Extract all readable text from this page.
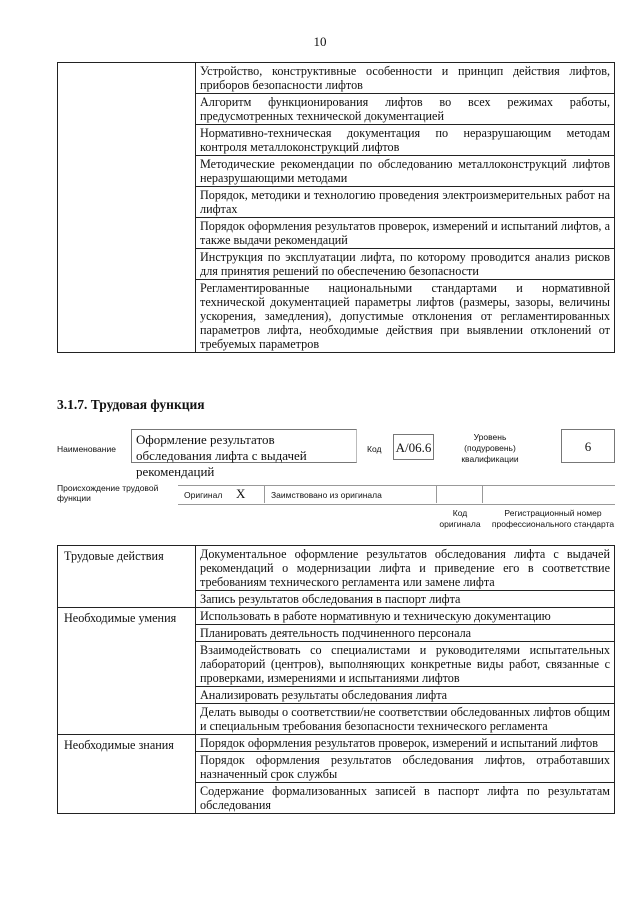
10
	Устройство, конструктивные особенности и принцип действия лифтов, приборов безопасности лифтов
Алгоритм функционирования лифтов во всех режимах работы, предусмотренных технической документацией
Нормативно-техническая документация по неразрушающим методам контроля металлоконструкций лифтов
Методические рекомендации по обследованию металлоконструкций лифтов неразрушающими методами
Порядок, методики и технологию проведения электроизмерительных работ на лифтах
Порядок оформления результатов проверок, измерений и испытаний лифтов, а также выдачи рекомендаций
Инструкция по эксплуатации лифта, по которому проводится анализ рисков для принятия решений по обеспечению безопасности
Регламентированные национальными стандартами и нормативной технической документацией параметры лифтов (размеры, зазоры, величины ускорения, замедления), допустимые отклонения от регламентированных параметров лифта, необходимые действия при выявлении отклонений от требуемых параметров
3.1.7. Трудовая функция
Наименование
Оформление результатов обследования лифта с выдачей рекомендаций
Код А/06.6
Уровень (подуровень) квалификации
6
Происхождение трудовой функции	Оригинал X	Заимствовано из оригинала
Код оригинала
Регистрационный номер профессионального стандарта
Трудовые действия	Документальное оформление результатов обследования лифта с выдачей рекомендаций о модернизации лифта и приведение его в соответствие требованиям технического регламента или замене лифта
	Запись результатов обследования в паспорт лифта
Необходимые умения	Использовать в работе нормативную и техническую документацию
	Планировать деятельность подчиненного персонала
	Взаимодействовать со специалистами и руководителями испытательных лабораторий (центров), выполняющих конкретные виды работ, связанные с проверками, измерениями и испытаниями лифтов
	Анализировать результаты обследования лифта
	Делать выводы о соответствии/не соответствии обследованных лифтов общим и специальным требования безопасности технического регламента
Необходимые знания	Порядок оформления результатов проверок, измерений и испытаний лифтов
	Порядок оформления результатов обследования лифтов, отработавших назначенный срок службы
	Содержание формализованных записей в паспорт лифта по результатам обследования
